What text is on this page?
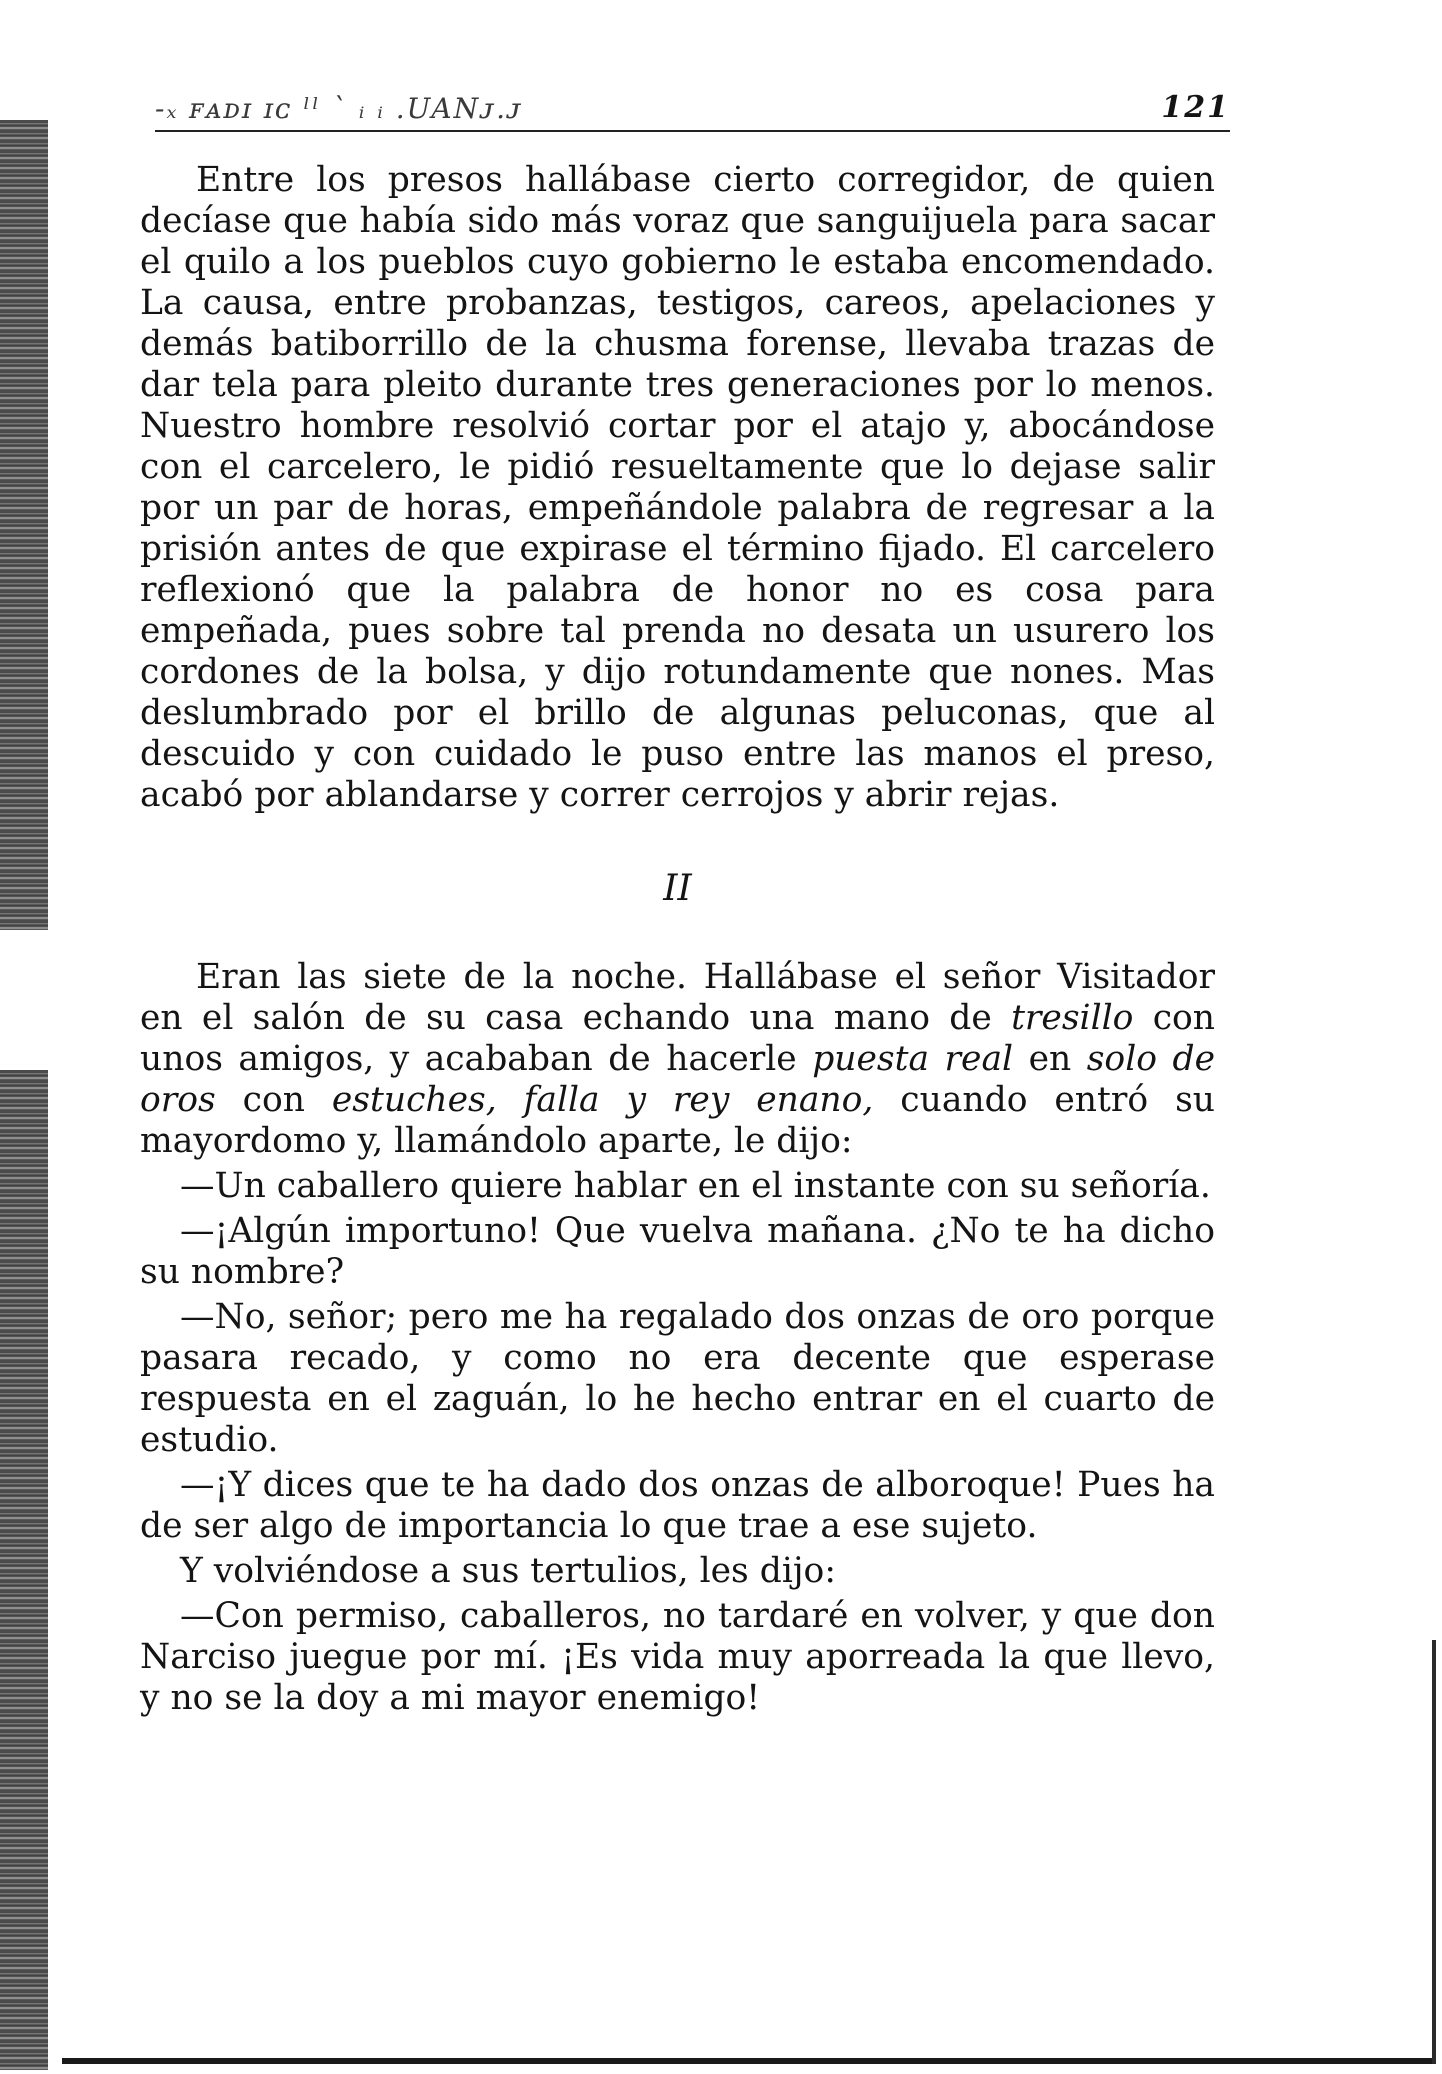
-ₓ ꜰᴀᴅɪ ɪᴄ ˡˡ ˋ ᵢ ᵢ .UANᴊ.ᴊ	121

Entre los presos hallábase cierto corregidor, de quien decíase que había sido más voraz que sanguijuela para sacar el quilo a los pueblos cuyo gobierno le estaba encomendado. La causa, entre probanzas, testigos, careos, apelaciones y demás batiborrillo de la chusma forense, llevaba trazas de dar tela para pleito durante tres generaciones por lo menos. Nuestro hombre resolvió cortar por el atajo y, abocándose con el carcelero, le pidió resueltamente que lo dejase salir por un par de horas, empeñándole palabra de regresar a la prisión antes de que expirase el término fijado. El carcelero reflexionó que la palabra de honor no es cosa para empeñada, pues sobre tal prenda no desata un usurero los cordones de la bolsa, y dijo rotundamente que nones. Mas deslumbrado por el brillo de algunas peluconas, que al descuido y con cuidado le puso entre las manos el preso, acabó por ablandarse y correr cerrojos y abrir rejas.

II

Eran las siete de la noche. Hallábase el señor Visitador en el salón de su casa echando una mano de tresillo con unos amigos, y acababan de hacerle puesta real en solo de oros con estuches, falla y rey enano, cuando entró su mayordomo y, llamándolo aparte, le dijo:

—Un caballero quiere hablar en el instante con su señoría.

—¡Algún importuno! Que vuelva mañana. ¿No te ha dicho su nombre?

—No, señor; pero me ha regalado dos onzas de oro porque pasara recado, y como no era decente que esperase respuesta en el zaguán, lo he hecho entrar en el cuarto de estudio.

—¡Y dices que te ha dado dos onzas de alboroque! Pues ha de ser algo de importancia lo que trae a ese sujeto.

Y volviéndose a sus tertulios, les dijo:

—Con permiso, caballeros, no tardaré en volver, y que don Narciso juegue por mí. ¡Es vida muy aporreada la que llevo, y no se la doy a mi mayor enemigo!
